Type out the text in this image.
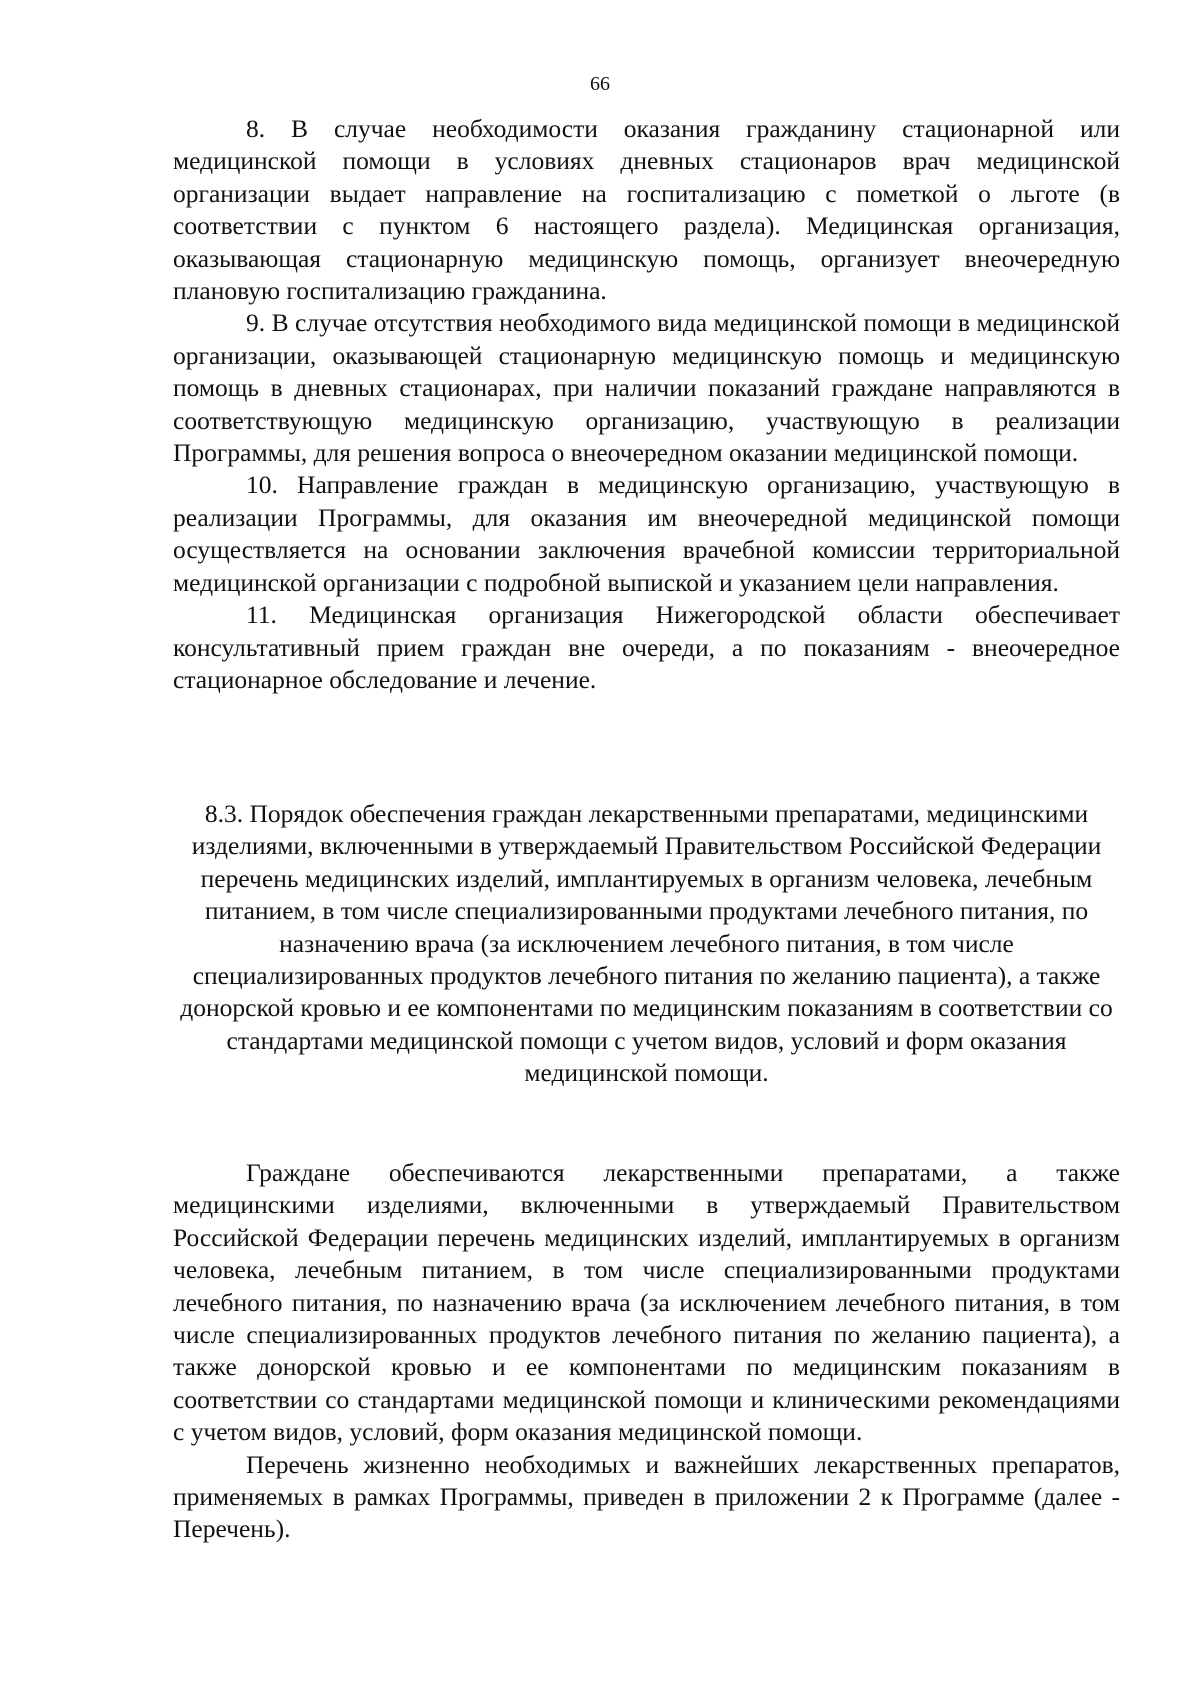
66

8. В случае необходимости оказания гражданину стационарной или медицинской помощи в условиях дневных стационаров врач медицинской организации выдает направление на госпитализацию с пометкой о льготе (в соответствии с пунктом 6 настоящего раздела). Медицинская организация, оказывающая стационарную медицинскую помощь, организует внеочередную плановую госпитализацию гражданина.

9. В случае отсутствия необходимого вида медицинской помощи в медицинской организации, оказывающей стационарную медицинскую помощь и медицинскую помощь в дневных стационарах, при наличии показаний граждане направляются в соответствующую медицинскую организацию, участвующую в реализации Программы, для решения вопроса о внеочередном оказании медицинской помощи.

10. Направление граждан в медицинскую организацию, участвующую в реализации Программы, для оказания им внеочередной медицинской помощи осуществляется на основании заключения врачебной комиссии территориальной медицинской организации с подробной выпиской и указанием цели направления.

11. Медицинская организация Нижегородской области обеспечивает консультативный прием граждан вне очереди, а по показаниям - внеочередное стационарное обследование и лечение.

8.3. Порядок обеспечения граждан лекарственными препаратами, медицинскими изделиями, включенными в утверждаемый Правительством Российской Федерации перечень медицинских изделий, имплантируемых в организм человека, лечебным питанием, в том числе специализированными продуктами лечебного питания, по назначению врача (за исключением лечебного питания, в том числе специализированных продуктов лечебного питания по желанию пациента), а также донорской кровью и ее компонентами по медицинским показаниям в соответствии со стандартами медицинской помощи с учетом видов, условий и форм оказания медицинской помощи.

Граждане обеспечиваются лекарственными препаратами, а также медицинскими изделиями, включенными в утверждаемый Правительством Российской Федерации перечень медицинских изделий, имплантируемых в организм человека, лечебным питанием, в том числе специализированными продуктами лечебного питания, по назначению врача (за исключением лечебного питания, в том числе специализированных продуктов лечебного питания по желанию пациента), а также донорской кровью и ее компонентами по медицинским показаниям в соответствии со стандартами медицинской помощи и клиническими рекомендациями с учетом видов, условий, форм оказания медицинской помощи.

Перечень жизненно необходимых и важнейших лекарственных препаратов, применяемых в рамках Программы, приведен в приложении 2 к Программе (далее - Перечень).
